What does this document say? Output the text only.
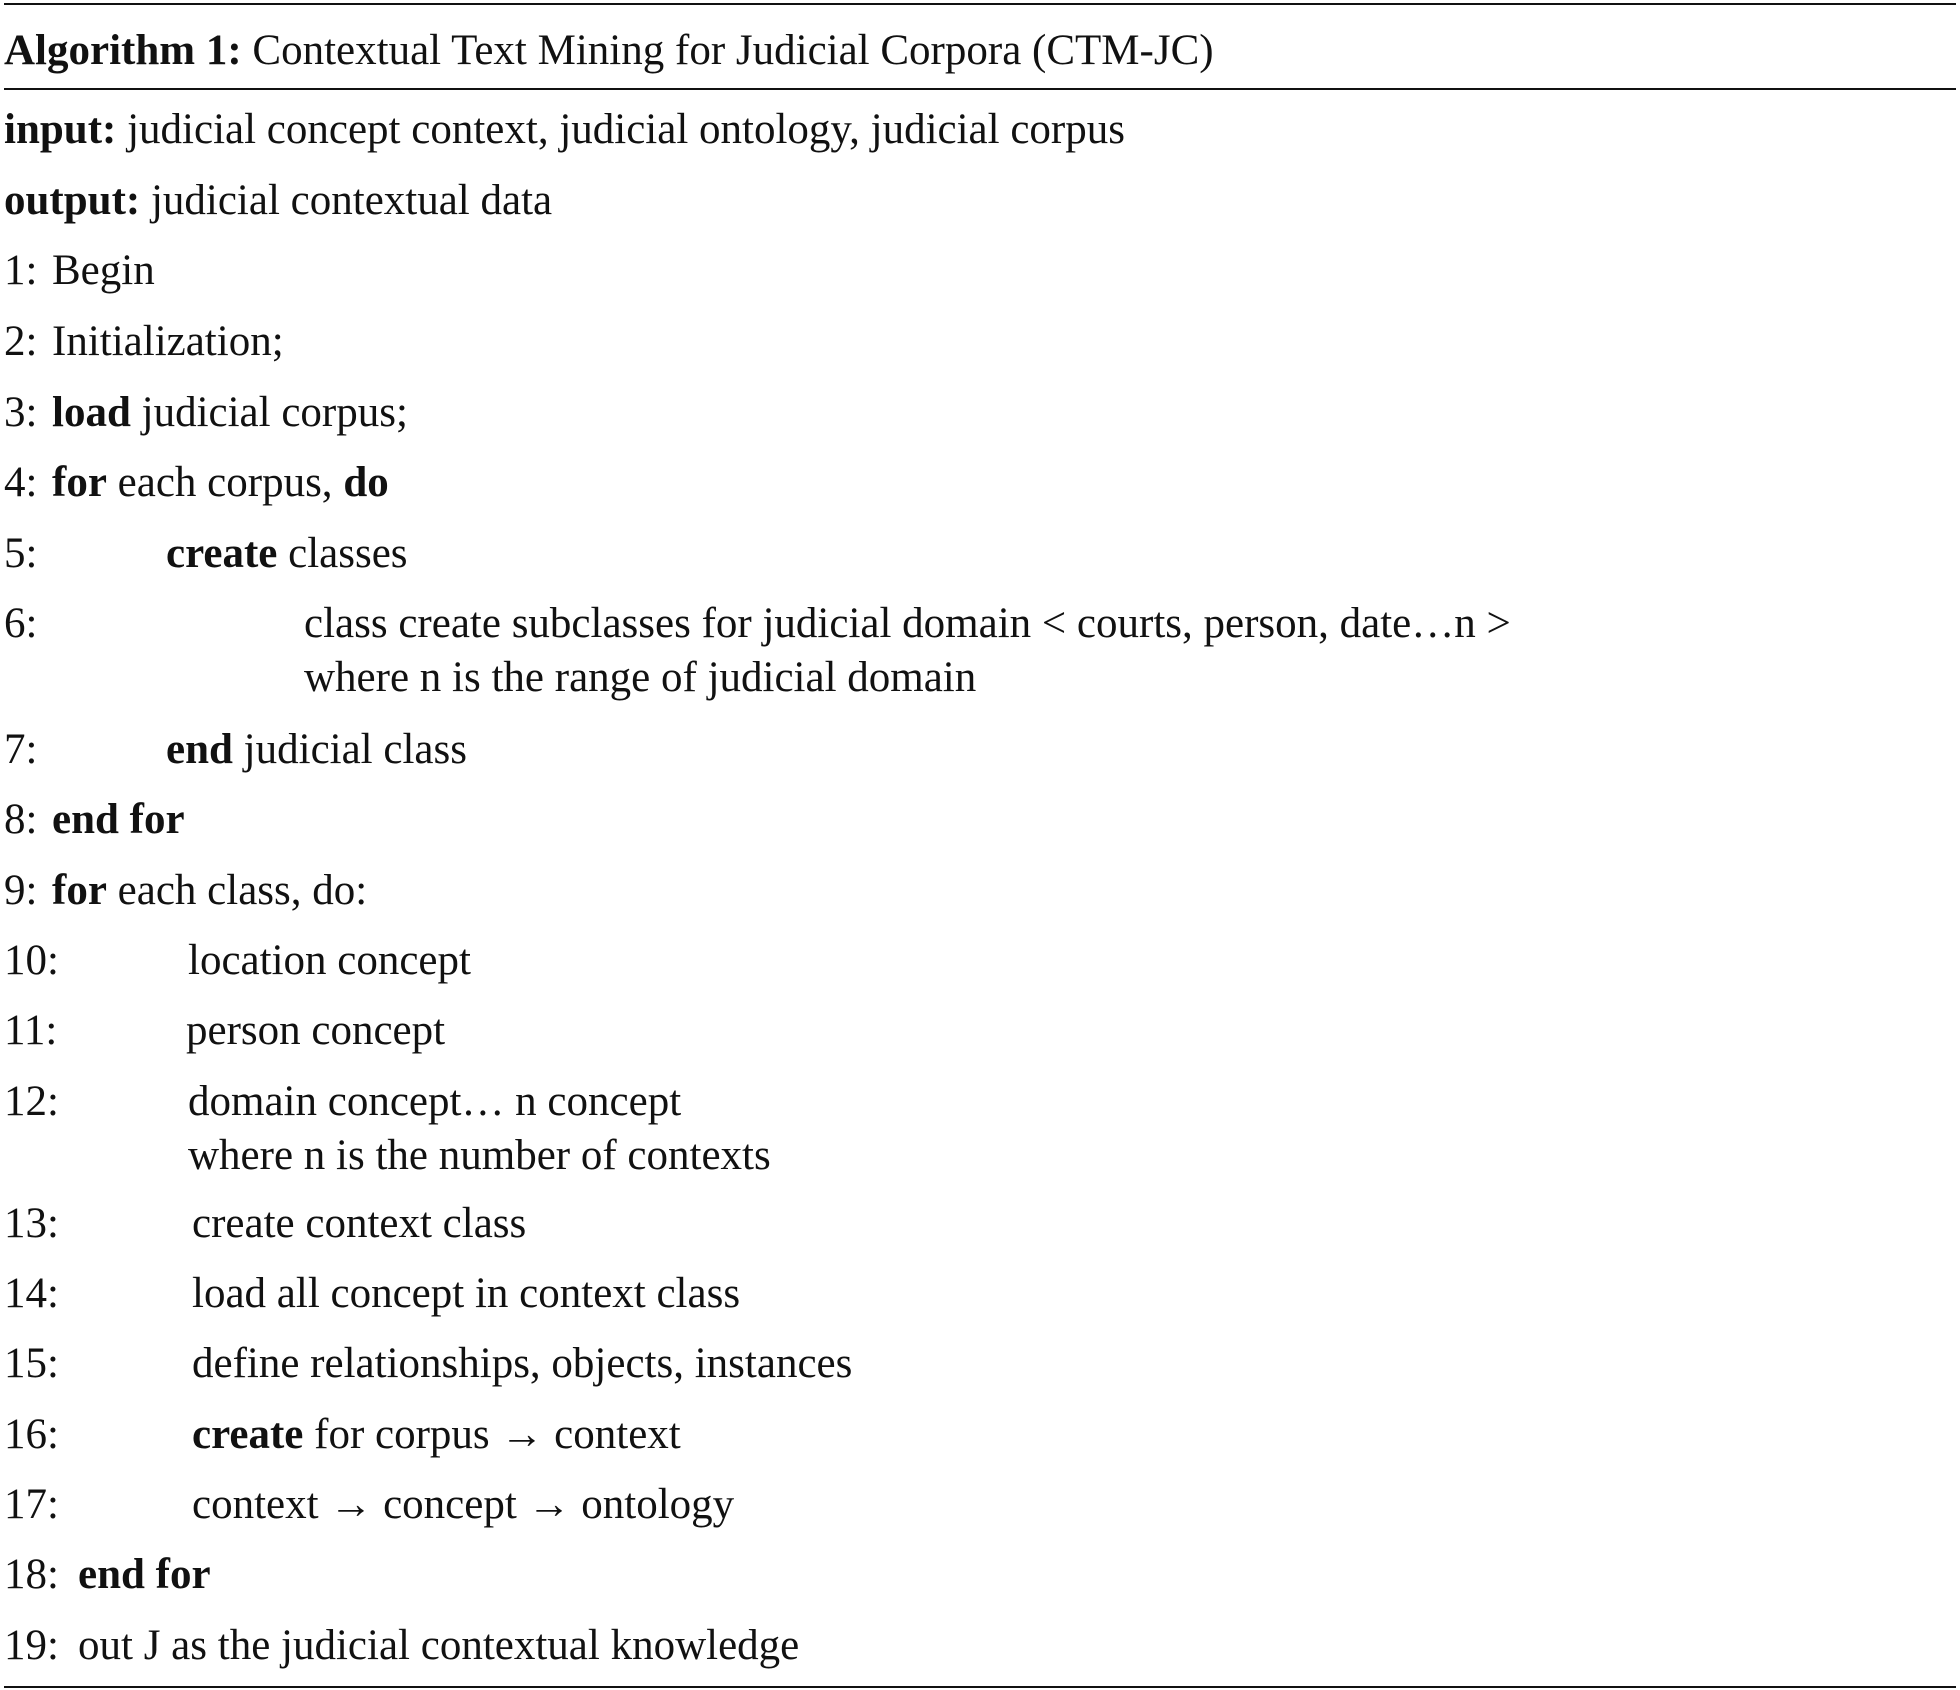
Algorithm 1: Contextual Text Mining for Judicial Corpora (CTM-JC)
input: judicial concept context, judicial ontology, judicial corpus
output: judicial contextual data
1: Begin
2: Initialization;
3: load judicial corpus;
4: for each corpus, do
5:	create classes
6:	class create subclasses for judicial domain < courts, person, date…n >
where n is the range of judicial domain
7:	end judicial class
8: end for
9: for each class, do:
10:	location concept
11:	person concept
12:	domain concept… n concept
where n is the number of contexts
13:	create context class
14:	load all concept in context class
15:	define relationships, objects, instances
16:	create for corpus → context
17:	context → concept → ontology
18: end for
19: out J as the judicial contextual knowledge
